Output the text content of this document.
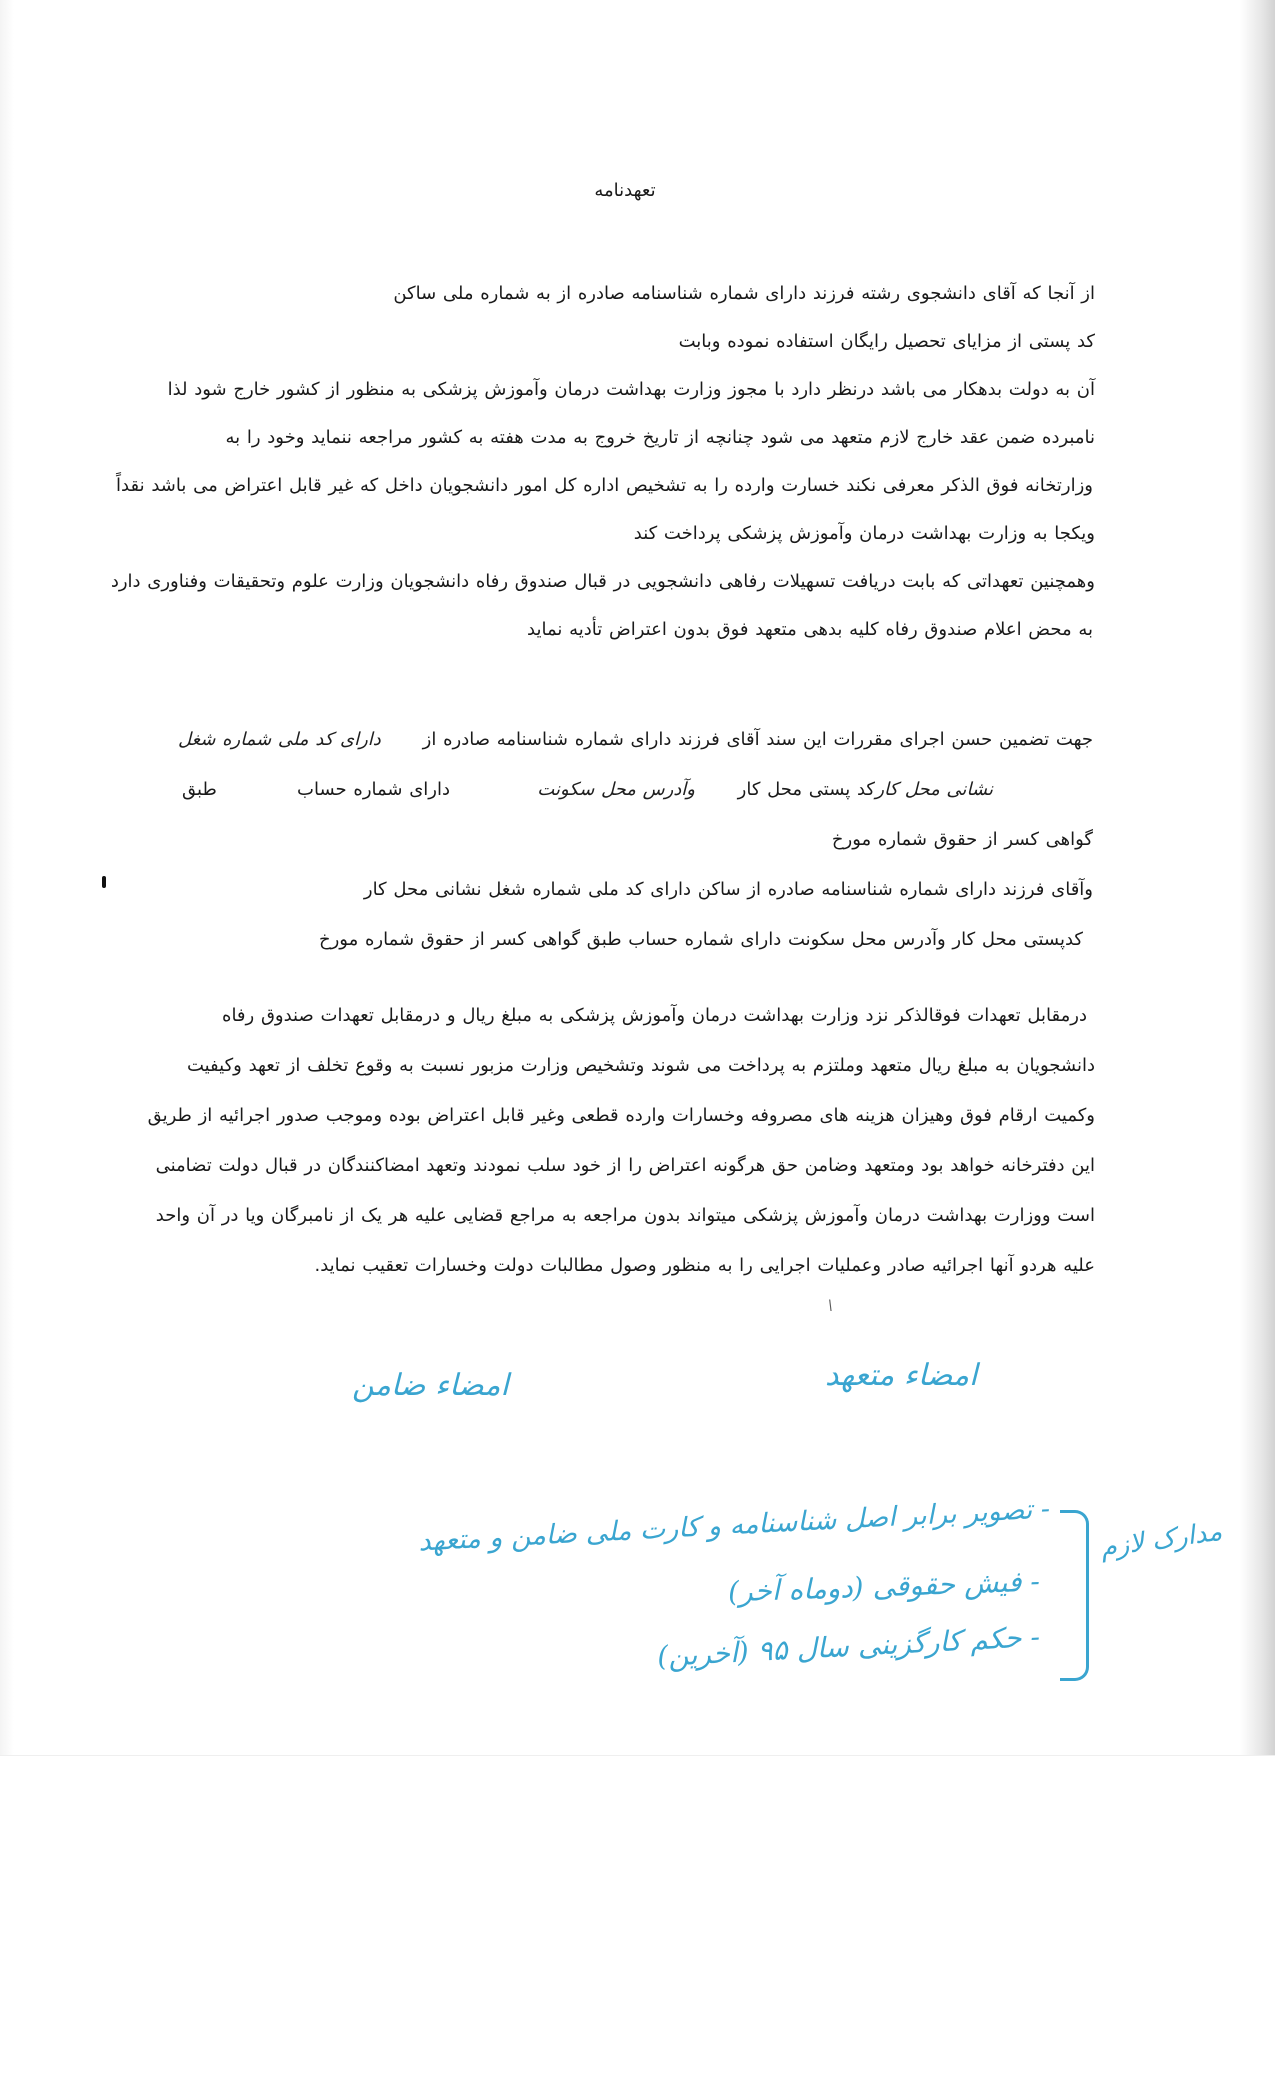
تعهدنامه
از آنجا که آقای دانشجوی رشته فرزند دارای شماره شناسنامه صادره از به شماره ملی ساکن
کد پستی از مزایای تحصیل رایگان استفاده نموده وبابت
آن به دولت بدهکار می باشد درنظر دارد با مجوز وزارت بهداشت درمان وآموزش پزشکی به منظور از کشور خارج شود لذا
نامبرده ضمن عقد خارج لازم متعهد می شود چنانچه از تاریخ خروج به مدت هفته به کشور مراجعه ننماید وخود را به
وزارتخانه فوق الذکر معرفی نکند خسارت وارده را به تشخیص اداره کل امور دانشجویان داخل که غیر قابل اعتراض می باشد نقداً
ویکجا به وزارت بهداشت درمان وآموزش پزشکی پرداخت کند
وهمچنین تعهداتی که بابت دریافت تسهیلات رفاهی دانشجویی در قبال صندوق رفاه دانشجویان وزارت علوم وتحقیقات وفناوری دارد
به محض اعلام صندوق رفاه کلیه بدهی متعهد فوق بدون اعتراض تأدیه نماید
جهت تضمین حسن اجرای مقررات این سند آقای فرزند دارای شماره شناسنامه صادره از
دارای کد ملی شماره شغل
نشانی محل کار
کد پستی محل کار
وآدرس محل سکونت
دارای شماره حساب
طبق
گواهی کسر از حقوق شماره مورخ
وآقای فرزند دارای شماره شناسنامه صادره از ساکن دارای کد ملی شماره شغل نشانی محل کار
کدپستی محل کار وآدرس محل سکونت دارای شماره حساب طبق گواهی کسر از حقوق شماره مورخ
درمقابل تعهدات فوقالذکر نزد وزارت بهداشت درمان وآموزش پزشکی به مبلغ ریال و درمقابل تعهدات صندوق رفاه
دانشجویان به مبلغ ریال متعهد وملتزم به پرداخت می شوند وتشخیص وزارت مزبور نسبت به وقوع تخلف از تعهد وکیفیت
وکمیت ارقام فوق وهیزان هزینه های مصروفه وخسارات وارده قطعی وغیر قابل اعتراض بوده وموجب صدور اجرائیه از طریق
این دفترخانه خواهد بود ومتعهد وضامن حق هرگونه اعتراض را از خود سلب نمودند وتعهد امضاکنندگان در قبال دولت تضامنی
است ووزارت بهداشت درمان وآموزش پزشکی میتواند بدون مراجعه به مراجع قضایی علیه هر یک از نامبرگان ویا در آن واحد
علیه هردو آنها اجرائیه صادر وعملیات اجرایی را به منظور وصول مطالبات دولت وخسارات تعقیب نماید.
\
امضاء متعهد
امضاء ضامن
مدارک لازم
- تصویر برابر اصل شناسنامه و کارت ملی ضامن و متعهد
- فیش حقوقی (دوماه آخر)
- حکم کارگزینی سال ۹۵ (آخرین)
